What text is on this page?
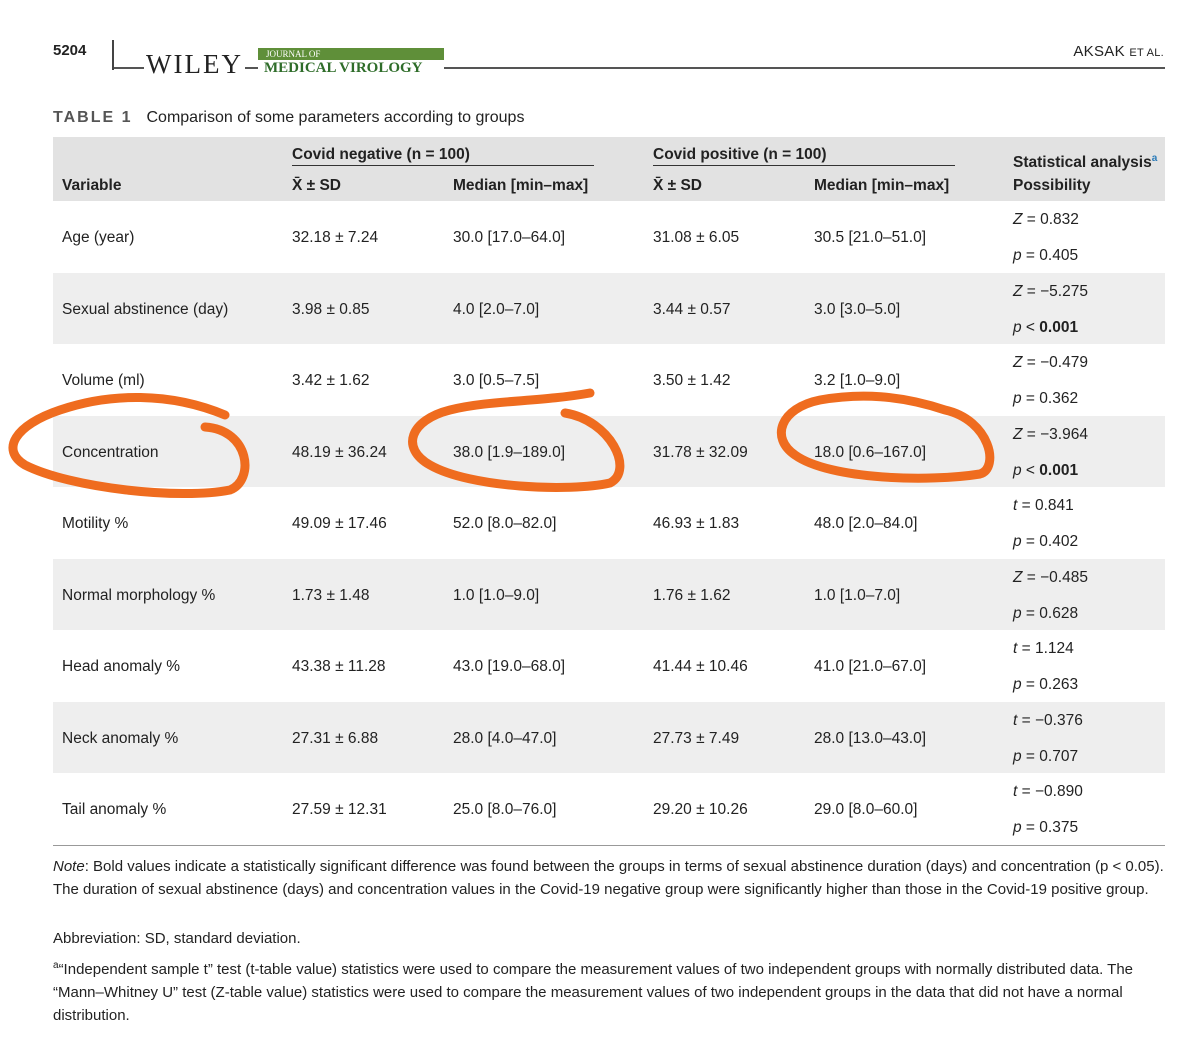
5204 WILEY	JOURNAL OF
MEDICAL VIROLOGY
AKSAK ET AL.
TABLE 1 Comparison of some parameters according to groups
Variable
Covid negative (n = 100)	Covid positive (n = 100)
X̄ ± SD	Median [min–max]	X̄ ± SD	Median [min–max]
Statistical analysis$^a$
Possibility
Age (year)	32.18 ± 7.24	30.0 [17.0–64.0]	31.08 ± 6.05	30.5 [21.0–51.0]
Z = 0.832
p = 0.405
Sexual abstinence (day)	3.98 ± 0.85	4.0 [2.0–7.0]	3.44 ± 0.57	3.0 [3.0–5.0]
Z = −5.275
p < 0.001
Volume (ml)	3.42 ± 1.62	3.0 [0.5–7.5]	3.50 ± 1.42	3.2 [1.0–9.0]
Z = −0.479
p = 0.362
Concentration	48.19 ± 36.24	38.0 [1.9–189.0]	31.78 ± 32.09	18.0 [0.6–167.0]
Z = −3.964
p < 0.001
Motility %	49.09 ± 17.46	52.0 [8.0–82.0]	46.93 ± 1.83	48.0 [2.0–84.0]
t = 0.841
p = 0.402
Normal morphology %	1.73 ± 1.48	1.0 [1.0–9.0]	1.76 ± 1.62	1.0 [1.0–7.0]
Z = −0.485
p = 0.628
Head anomaly %	43.38 ± 11.28	43.0 [19.0–68.0]	41.44 ± 10.46	41.0 [21.0–67.0]
t = 1.124
p = 0.263
Neck anomaly %	27.31 ± 6.88	28.0 [4.0–47.0]	27.73 ± 7.49	28.0 [13.0–43.0]
t = −0.376
p = 0.707
Tail anomaly %	27.59 ± 12.31	25.0 [8.0–76.0]	29.20 ± 10.26	29.0 [8.0–60.0]
t = −0.890
p = 0.375
Note: Bold values indicate a statistically significant difference was found between the groups in terms of sexual abstinence duration (days) and concentration (p < 0.05). The duration of sexual abstinence (days) and concentration values in the Covid-19 negative group were significantly higher than those in the Covid-19 positive group.
Abbreviation: SD, standard deviation.
$^a$“Independent sample t” test (t-table value) statistics were used to compare the measurement values of two independent groups with normally distributed data. The “Mann–Whitney U” test (Z-table value) statistics were used to compare the measurement values of two independent groups in the data that did not have a normal distribution.
